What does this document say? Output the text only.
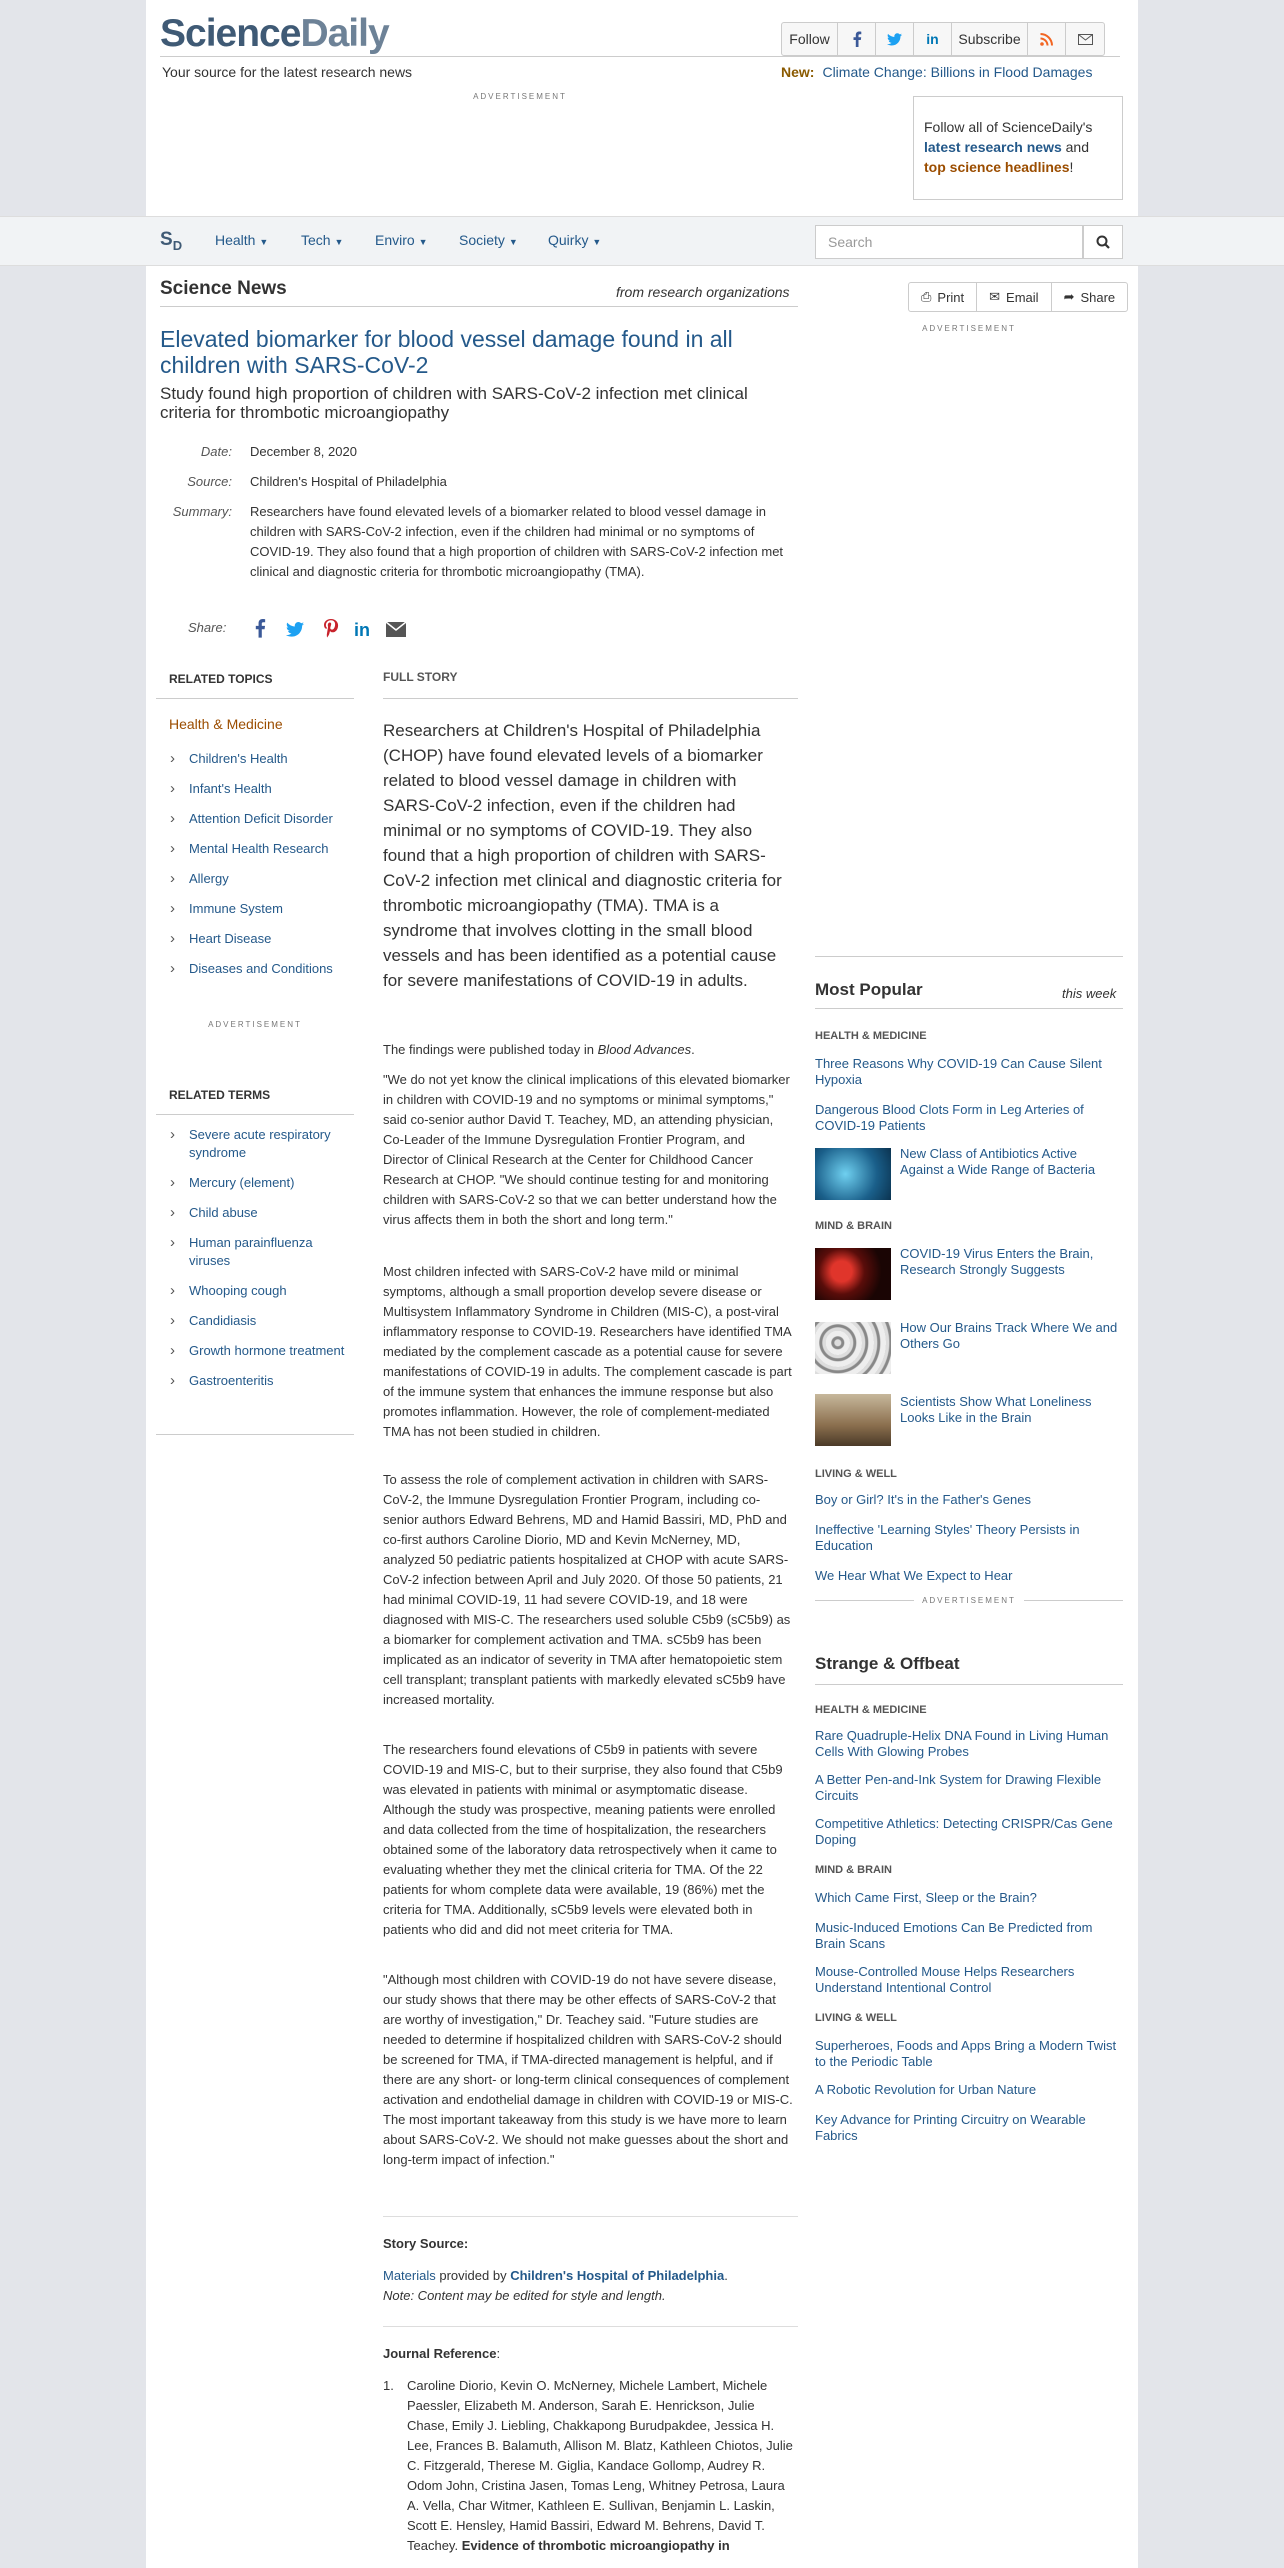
ScienceDaily
Your source for the latest research news
Follow	in	Subscribe
New: Climate Change: Billions in Flood Damages
ADVERTISEMENT
Follow all of ScienceDaily's
latest research news and
top science headlines!
$S_D$ Health ▼ Tech ▼ Enviro ▼ Society ▼ Quirky ▼	Search
Science News	from research organizations	⎙ Print ✉ Email ➦ Share
ADVERTISEMENT
Elevated biomarker for blood vessel damage found in all children with SARS-CoV-2
Study found high proportion of children with SARS-CoV-2 infection met clinical criteria for thrombotic microangiopathy
Date: December 8, 2020
Source: Children's Hospital of Philadelphia
Summary: Researchers have found elevated levels of a biomarker related to blood vessel damage in children with SARS-CoV-2 infection, even if the children had minimal or no symptoms of COVID-19. They also found that a high proportion of children with SARS-CoV-2 infection met clinical and diagnostic criteria for thrombotic microangiopathy (TMA).
Share:	in
RELATED TOPICS
Health & Medicine
› Children's Health
› Infant's Health
› Attention Deficit Disorder
› Mental Health Research
› Allergy
› Immune System
› Heart Disease
› Diseases and Conditions
ADVERTISEMENT
RELATED TERMS
› Severe acute respiratory syndrome
› Mercury (element)
› Child abuse
› Human parainfluenza viruses
› Whooping cough
› Candidiasis
› Growth hormone treatment
› Gastroenteritis
FULL STORY

Researchers at Children's Hospital of Philadelphia (CHOP) have found elevated levels of a biomarker related to blood vessel damage in children with SARS-CoV-2 infection, even if the children had minimal or no symptoms of COVID-19. They also found that a high proportion of children with SARS-CoV-2 infection met clinical and diagnostic criteria for thrombotic microangiopathy (TMA). TMA is a syndrome that involves clotting in the small blood vessels and has been identified as a potential cause for severe manifestations of COVID-19 in adults.

The findings were published today in Blood Advances.

"We do not yet know the clinical implications of this elevated biomarker in children with COVID-19 and no symptoms or minimal symptoms," said co-senior author David T. Teachey, MD, an attending physician, Co-Leader of the Immune Dysregulation Frontier Program, and Director of Clinical Research at the Center for Childhood Cancer Research at CHOP. "We should continue testing for and monitoring children with SARS-CoV-2 so that we can better understand how the virus affects them in both the short and long term."

Most children infected with SARS-CoV-2 have mild or minimal symptoms, although a small proportion develop severe disease or Multisystem Inflammatory Syndrome in Children (MIS-C), a post-viral inflammatory response to COVID-19. Researchers have identified TMA mediated by the complement cascade as a potential cause for severe manifestations of COVID-19 in adults. The complement cascade is part of the immune system that enhances the immune response but also promotes inflammation. However, the role of complement-mediated TMA has not been studied in children.

To assess the role of complement activation in children with SARS-CoV-2, the Immune Dysregulation Frontier Program, including co-senior authors Edward Behrens, MD and Hamid Bassiri, MD, PhD and co-first authors Caroline Diorio, MD and Kevin McNerney, MD, analyzed 50 pediatric patients hospitalized at CHOP with acute SARS-CoV-2 infection between April and July 2020. Of those 50 patients, 21 had minimal COVID-19, 11 had severe COVID-19, and 18 were diagnosed with MIS-C. The researchers used soluble C5b9 (sC5b9) as a biomarker for complement activation and TMA. sC5b9 has been implicated as an indicator of severity in TMA after hematopoietic stem cell transplant; transplant patients with markedly elevated sC5b9 have increased mortality.

The researchers found elevations of C5b9 in patients with severe COVID-19 and MIS-C, but to their surprise, they also found that C5b9 was elevated in patients with minimal or asymptomatic disease. Although the study was prospective, meaning patients were enrolled and data collected from the time of hospitalization, the researchers obtained some of the laboratory data retrospectively when it came to evaluating whether they met the clinical criteria for TMA. Of the 22 patients for whom complete data were available, 19 (86%) met the criteria for TMA. Additionally, sC5b9 levels were elevated both in patients who did and did not meet criteria for TMA.

"Although most children with COVID-19 do not have severe disease, our study shows that there may be other effects of SARS-CoV-2 that are worthy of investigation," Dr. Teachey said. "Future studies are needed to determine if hospitalized children with SARS-CoV-2 should be screened for TMA, if TMA-directed management is helpful, and if there are any short- or long-term clinical consequences of complement activation and endothelial damage in children with COVID-19 or MIS-C. The most important takeaway from this study is we have more to learn about SARS-CoV-2. We should not make guesses about the short and long-term impact of infection."

Story Source:
Materials provided by Children's Hospital of Philadelphia.
Note: Content may be edited for style and length.
Journal Reference:
1. Caroline Diorio, Kevin O. McNerney, Michele Lambert, Michele Paessler, Elizabeth M. Anderson, Sarah E. Henrickson, Julie Chase, Emily J. Liebling, Chakkapong Burudpakdee, Jessica H. Lee, Frances B. Balamuth, Allison M. Blatz, Kathleen Chiotos, Julie C. Fitzgerald, Therese M. Giglia, Kandace Gollomp, Audrey R. Odom John, Cristina Jasen, Tomas Leng, Whitney Petrosa, Laura A. Vella, Char Witmer, Kathleen E. Sullivan, Benjamin L. Laskin, Scott E. Hensley, Hamid Bassiri, Edward M. Behrens, David T. Teachey. Evidence of thrombotic microangiopathy in
Most Popular	this week
HEALTH & MEDICINE
Three Reasons Why COVID-19 Can Cause Silent Hypoxia
Dangerous Blood Clots Form in Leg Arteries of COVID-19 Patients
New Class of Antibiotics Active Against a Wide Range of Bacteria
MIND & BRAIN
COVID-19 Virus Enters the Brain, Research Strongly Suggests
How Our Brains Track Where We and Others Go
Scientists Show What Loneliness Looks Like in the Brain
LIVING & WELL
Boy or Girl? It's in the Father's Genes
Ineffective 'Learning Styles' Theory Persists in Education
We Hear What We Expect to Hear
ADVERTISEMENT
Strange & Offbeat
HEALTH & MEDICINE
Rare Quadruple-Helix DNA Found in Living Human Cells With Glowing Probes
A Better Pen-and-Ink System for Drawing Flexible Circuits
Competitive Athletics: Detecting CRISPR/Cas Gene Doping
MIND & BRAIN
Which Came First, Sleep or the Brain?
Music-Induced Emotions Can Be Predicted from Brain Scans
Mouse-Controlled Mouse Helps Researchers Understand Intentional Control
LIVING & WELL
Superheroes, Foods and Apps Bring a Modern Twist to the Periodic Table
A Robotic Revolution for Urban Nature
Key Advance for Printing Circuitry on Wearable Fabrics
